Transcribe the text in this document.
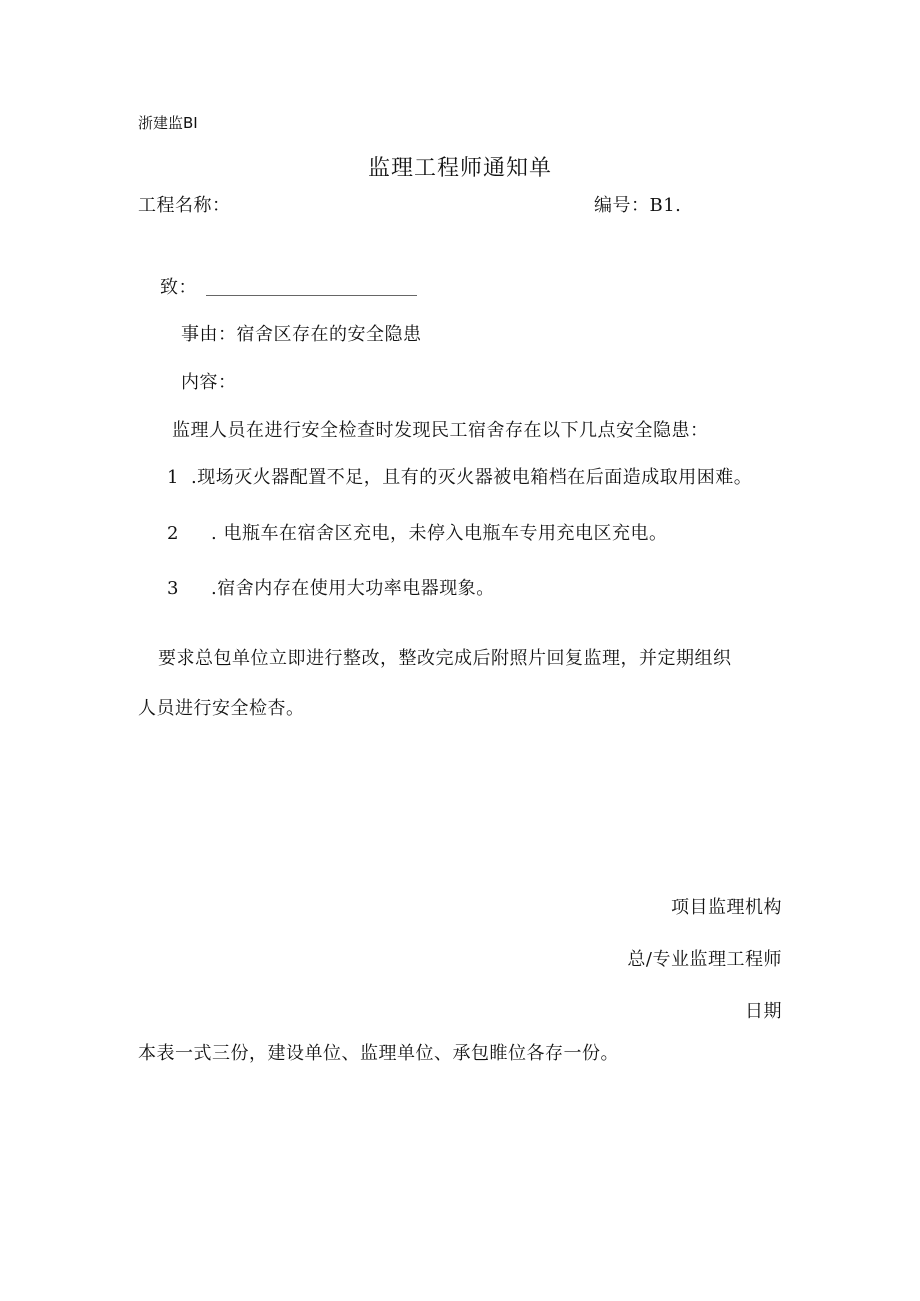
浙建监BI
监理工程师通知单
工程名称：	编号：B1.
致：
事由：宿舍区存在的安全隐患
内容：
监理人员在进行安全检查时发现民工宿舍存在以下几点安全隐患：
1 .现场灭火器配置不足，且有的灭火器被电箱档在后面造成取用困难。
2 . 电瓶车在宿舍区充电，未停入电瓶车专用充电区充电。
3 .宿舍内存在使用大功率电器现象。
要求总包单位立即进行整改，整改完成后附照片回复监理，并定期组织
人员进行安全检杏。
项目监理机构
总/专业监理工程师
日期
本表一式三份，建设单位、监理单位、承包睢位各存一份。
